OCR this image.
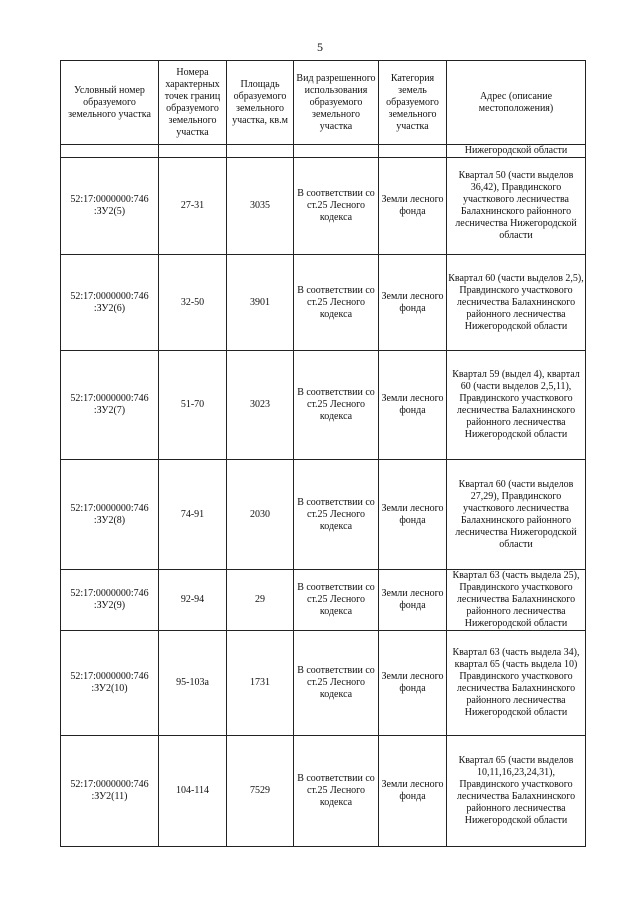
5
Условный номер образуемого земельного участка	Номера характерных точек границ образуемого земельного участка	Площадь образуемого земельного участка, кв.м	Вид разрешенного использования образуемого земельного участка	Категория земель образуемого земельного участка	Адрес (описание местоположения)
					Нижегородской области
52:17:0000000:746 :ЗУ2(5)	27-31	3035	В соответствии со ст.25 Лесного кодекса	Земли лесного фонда	Квартал 50 (части выделов 36,42), Правдинского участкового лесничества Балахнинского районного лесничества Нижегородской области
52:17:0000000:746 :ЗУ2(6)	32-50	3901	В соответствии со ст.25 Лесного кодекса	Земли лесного фонда	Квартал 60 (части выделов 2,5), Правдинского участкового лесничества Балахнинского районного лесничества Нижегородской области
52:17:0000000:746 :ЗУ2(7)	51-70	3023	В соответствии со ст.25 Лесного кодекса	Земли лесного фонда	Квартал 59 (выдел 4), квартал 60 (части выделов 2,5,11), Правдинского участкового лесничества Балахнинского районного лесничества Нижегородской области
52:17:0000000:746 :ЗУ2(8)	74-91	2030	В соответствии со ст.25 Лесного кодекса	Земли лесного фонда	Квартал 60 (части выделов 27,29), Правдинского участкового лесничества Балахнинского районного лесничества Нижегородской области
52:17:0000000:746 :ЗУ2(9)	92-94	29	В соответствии со ст.25 Лесного кодекса	Земли лесного фонда	Квартал 63 (часть выдела 25), Правдинского участкового лесничества Балахнинского районного лесничества Нижегородской области
52:17:0000000:746 :ЗУ2(10)	95-103а	1731	В соответствии со ст.25 Лесного кодекса	Земли лесного фонда	Квартал 63 (часть выдела 34), квартал 65 (часть выдела 10) Правдинского участкового лесничества Балахнинского районного лесничества Нижегородской области
52:17:0000000:746 :ЗУ2(11)	104-114	7529	В соответствии со ст.25 Лесного кодекса	Земли лесного фонда	Квартал 65 (части выделов 10,11,16,23,24,31), Правдинского участкового лесничества Балахнинского районного лесничества Нижегородской области
